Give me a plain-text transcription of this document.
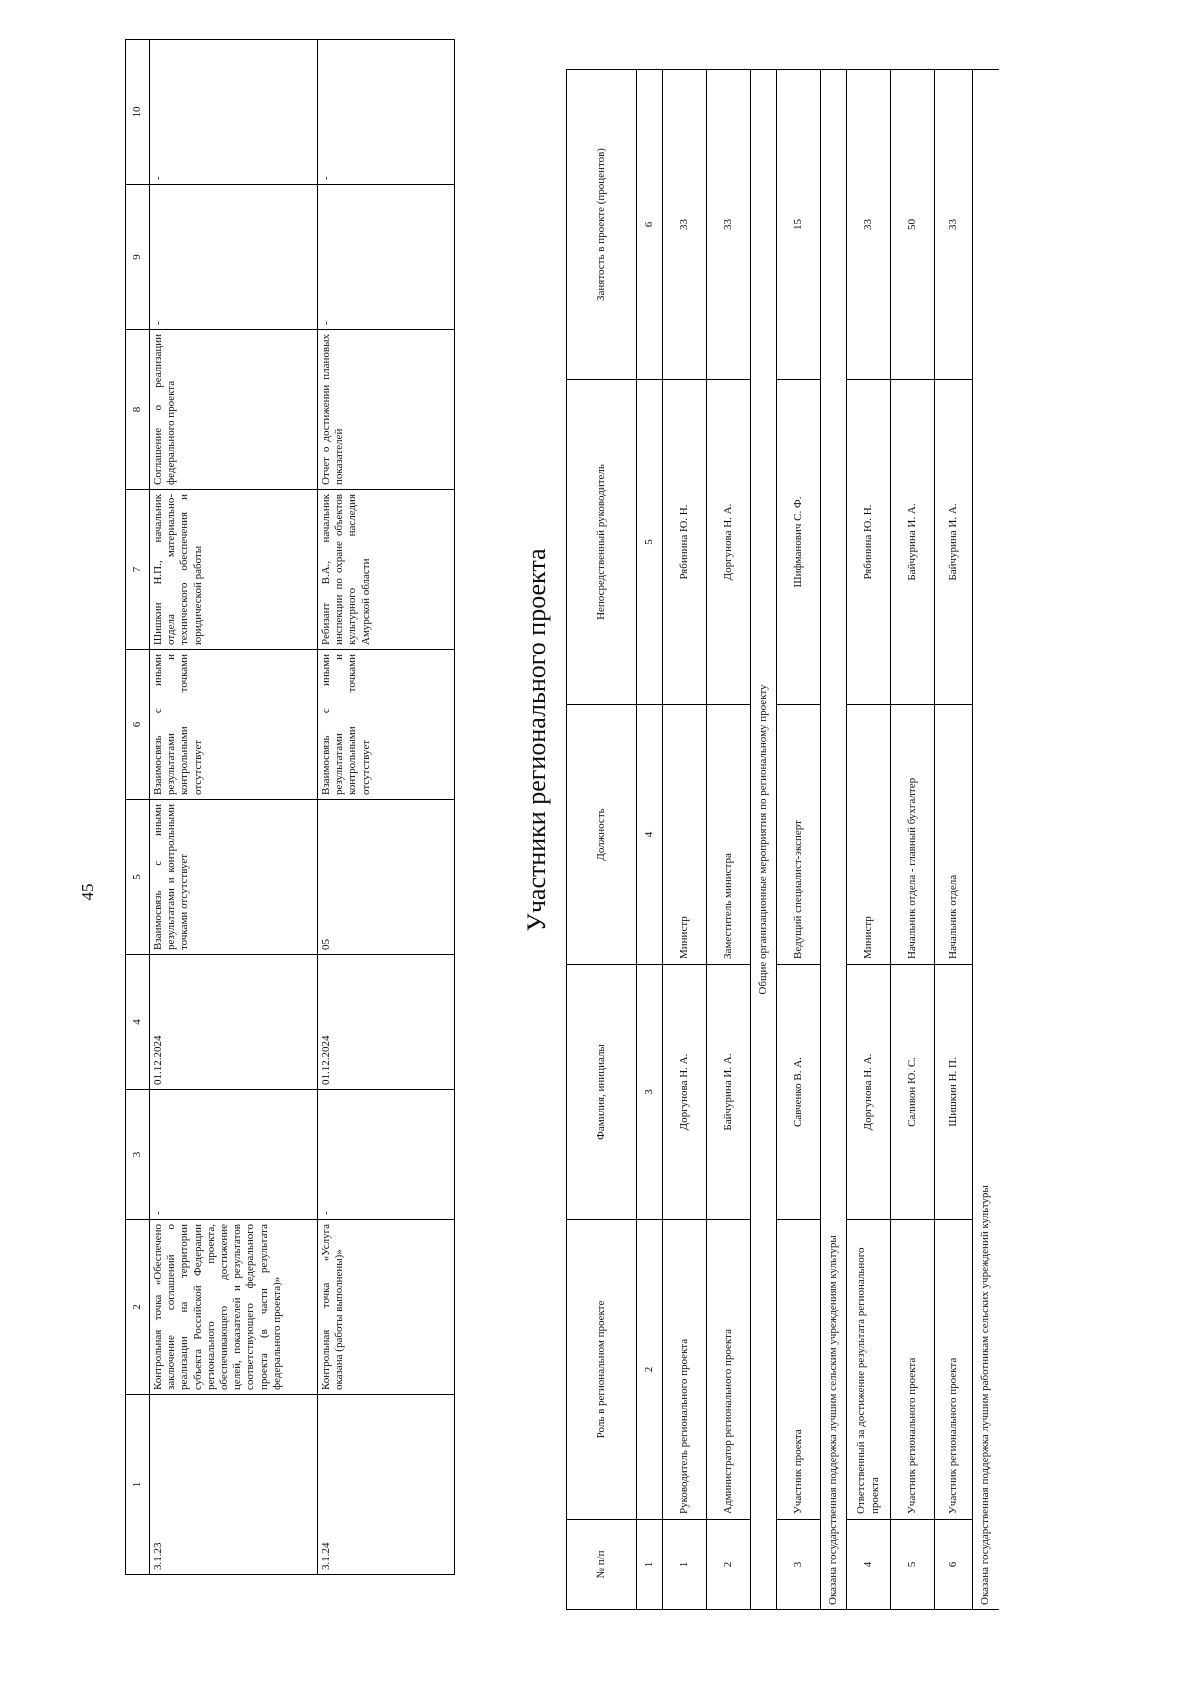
45
1	2	3	4	5	6	7	8	9	10
3.1.23	Контрольная точка «Обеспечено заключение соглашений о реализации на территории субъекта Российской Федерации регионального проекта, обеспечивающего достижение целей, показателей и результатов соответствующего федерального проекта (в части результата федерального проекта)»	-	01.12.2024	Взаимосвязь с иными результатами и контрольными точками отсутствует	Взаимосвязь с иными результатами и контрольными точками отсутствует	Шишкин Н.П., начальник отдела материально-технического обеспечения и юридической работы	Соглашение о реализации федерального проекта	-	-
3.1.24	Контрольная точка «Услуга оказана (работы выполнены)»	-	01.12.2024	05	Взаимосвязь с иными результатами и контрольными точками отсутствует	Ребизант В.А., начальник инспекции по охране объектов культурного наследия Амурской области	Отчет о достижении плановых показателей	-	-
Участники регионального проекта
№ п/п	Роль в региональном проекте	Фамилия, инициалы	Должность	Непосредственный руководитель	Занятость в проекте (процентов)
1	2	3	4	5	6
1	Руководитель регионального проекта	Доргунова Н. А.	Министр	Рябинина Ю. Н.	33
2	Администратор регионального проекта	Байчурина И. А.	Заместитель министра	Доргунова Н. А.	33
Общие организационные мероприятия по региональному проекту					
3	Участник проекта	Савченко В. А.	Ведущий специалист-эксперт	Шифманович С. Ф.	15
Оказана государственная поддержка лучшим сельским учреждениям культуры					
4	Ответственный за достижение результата регионального проекта	Доргунова Н. А.	Министр	Рябинина Ю. Н.	33
5	Участник регионального проекта	Саливон Ю. С.	Начальник отдела - главный бухгалтер	Байчурина И. А.	50
6	Участник регионального проекта	Шишкин Н. П.	Начальник отдела	Байчурина И. А.	33
Оказана государственная поддержка лучшим работникам сельских учреждений культуры					
